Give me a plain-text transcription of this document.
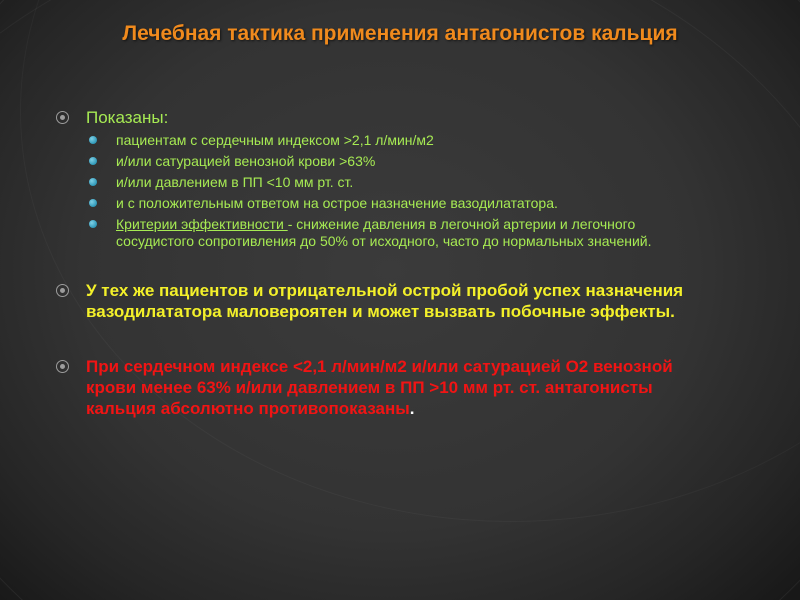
Лечебная тактика применения антагонистов кальция
Показаны:
пациентам с сердечным индексом >2,1 л/мин/м2
и/или сатурацией венозной крови >63%
и/или давлением в ПП <10 мм рт. ст.
и с положительным ответом на острое назначение вазодилататора.
Критерии эффективности - снижение давления в легочной артерии и легочного сосудистого сопротивления до 50% от исходного, часто до нормальных значений.
У тех же пациентов и отрицательной острой пробой успех назначения вазодилататора маловероятен и может вызвать побочные эффекты.
При сердечном индексе <2,1 л/мин/м2 и/или сатурацией О2 венозной крови менее 63% и/или давлением в ПП >10 мм рт. ст. антагонисты кальция абсолютно противопоказаны.
